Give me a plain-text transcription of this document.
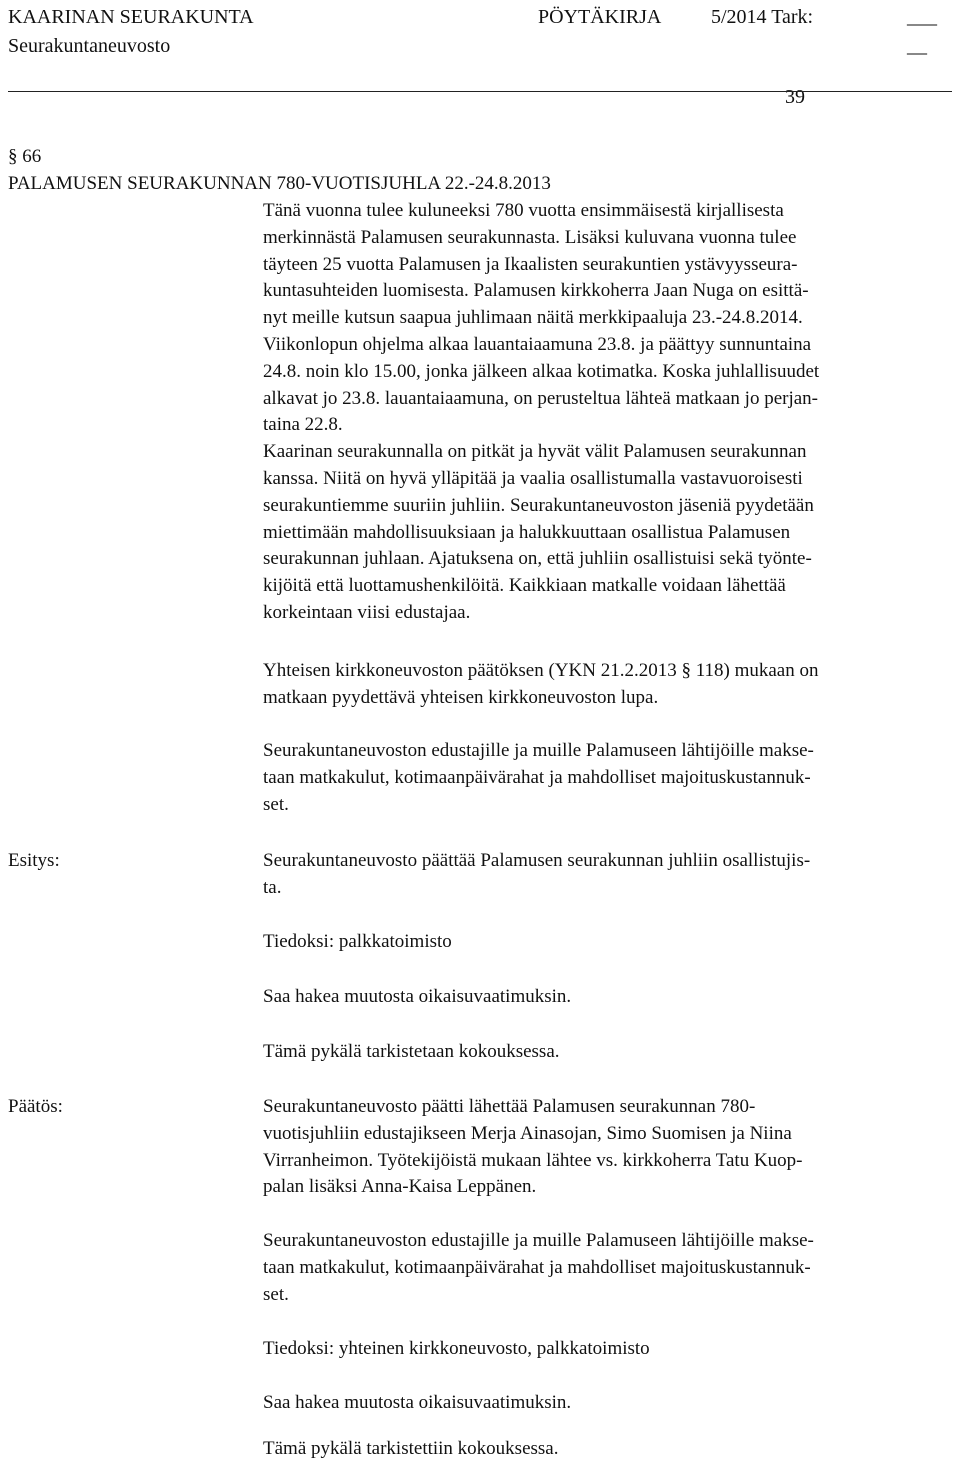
KAARINAN SEURAKUNTA	PÖYTÄKIRJA 5/2014 Tark:	___
Seurakuntaneuvosto	__
39
§ 66
PALAMUSEN SEURAKUNNAN 780-VUOTISJUHLA 22.-24.8.2013

Tänä vuonna tulee kuluneeksi 780 vuotta ensimmäisestä kirjallisesta

merkinnästä Palamusen seurakunnasta. Lisäksi kuluvana vuonna tulee

täyteen 25 vuotta Palamusen ja Ikaalisten seurakuntien ystävyysseura-

kuntasuhteiden luomisesta. Palamusen kirkkoherra Jaan Nuga on esittä-

nyt meille kutsun saapua juhlimaan näitä merkkipaaluja 23.-24.8.2014.

Viikonlopun ohjelma alkaa lauantaiaamuna 23.8. ja päättyy sunnuntaina

24.8. noin klo 15.00, jonka jälkeen alkaa kotimatka. Koska juhlallisuudet

alkavat jo 23.8. lauantaiaamuna, on perusteltua lähteä matkaan jo perjan-

taina 22.8.

Kaarinan seurakunnalla on pitkät ja hyvät välit Palamusen seurakunnan

kanssa. Niitä on hyvä ylläpitää ja vaalia osallistumalla vastavuoroisesti

seurakuntiemme suuriin juhliin. Seurakuntaneuvoston jäseniä pyydetään

miettimään mahdollisuuksiaan ja halukkuuttaan osallistua Palamusen

seurakunnan juhlaan. Ajatuksena on, että juhliin osallistuisi sekä työnte-

kijöitä että luottamushenkilöitä. Kaikkiaan matkalle voidaan lähettää

korkeintaan viisi edustajaa.

Yhteisen kirkkoneuvoston päätöksen (YKN 21.2.2013 § 118) mukaan on

matkaan pyydettävä yhteisen kirkkoneuvoston lupa.

Seurakuntaneuvoston edustajille ja muille Palamuseen lähtijöille makse-

taan matkakulut, kotimaanpäivärahat ja mahdolliset majoituskustannuk-

set.

Esitys:	Seurakuntaneuvosto päättää Palamusen seurakunnan juhliin osallistujis-

ta.

Tiedoksi: palkkatoimisto

Saa hakea muutosta oikaisuvaatimuksin.

Tämä pykälä tarkistetaan kokouksessa.

Päätös:	Seurakuntaneuvosto päätti lähettää Palamusen seurakunnan 780-

vuotisjuhliin edustajikseen Merja Ainasojan, Simo Suomisen ja Niina

Virranheimon. Työtekijöistä mukaan lähtee vs. kirkkoherra Tatu Kuop-

palan lisäksi Anna-Kaisa Leppänen.

Seurakuntaneuvoston edustajille ja muille Palamuseen lähtijöille makse-

taan matkakulut, kotimaanpäivärahat ja mahdolliset majoituskustannuk-

set.

Tiedoksi: yhteinen kirkkoneuvosto, palkkatoimisto

Saa hakea muutosta oikaisuvaatimuksin.

Tämä pykälä tarkistettiin kokouksessa.
